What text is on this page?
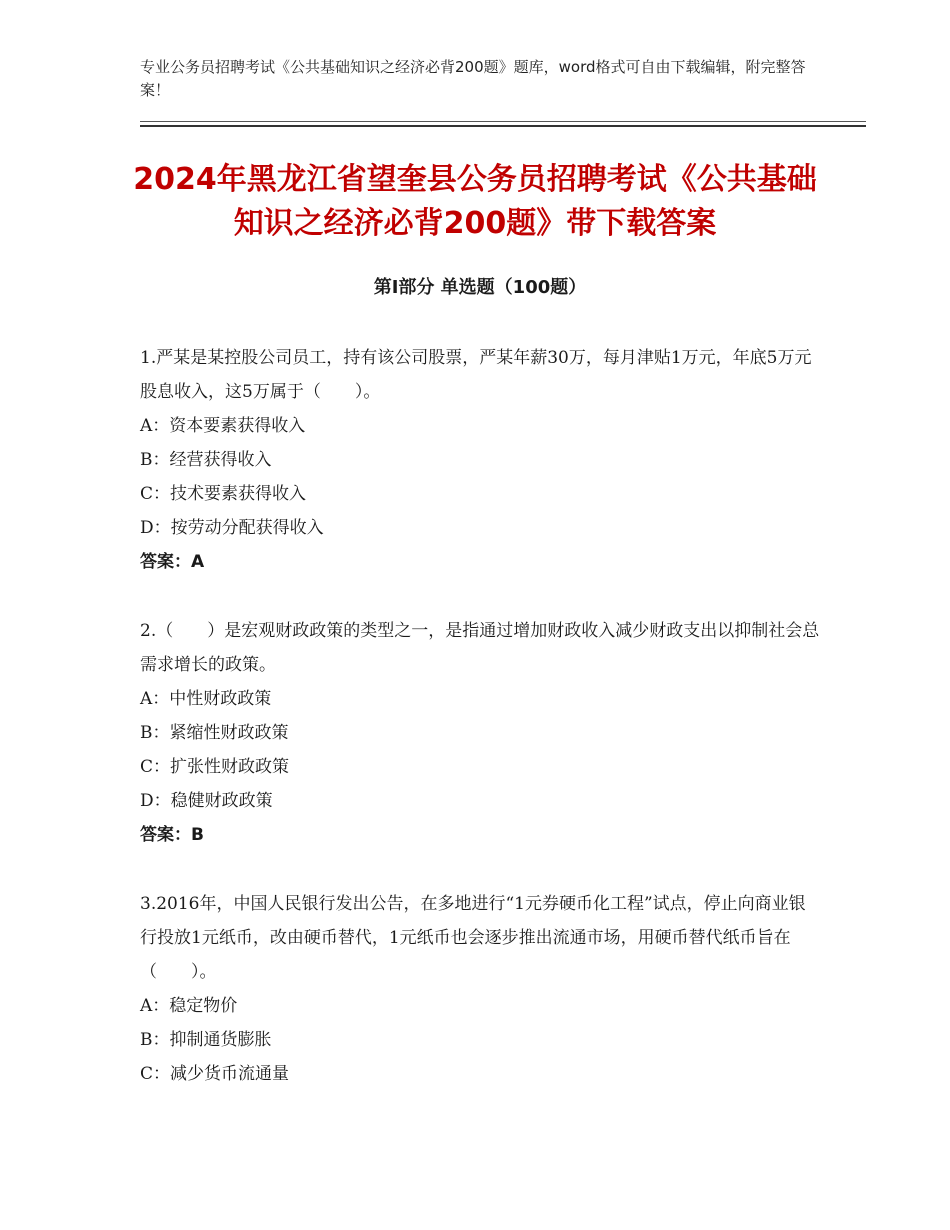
专业公务员招聘考试《公共基础知识之经济必背200题》题库，word格式可自由下载编辑，附完整答案！
2024年黑龙江省望奎县公务员招聘考试《公共基础知识之经济必背200题》带下载答案
第Ⅰ部分 单选题（100题）
1.严某是某控股公司员工，持有该公司股票，严某年薪30万，每月津贴1万元，年底5万元股息收入，这5万属于（　　）。
A：资本要素获得收入
B：经营获得收入
C：技术要素获得收入
D：按劳动分配获得收入
答案：A
2.（　　）是宏观财政政策的类型之一，是指通过增加财政收入减少财政支出以抑制社会总需求增长的政策。
A：中性财政政策
B：紧缩性财政政策
C：扩张性财政政策
D：稳健财政政策
答案：B
3.2016年，中国人民银行发出公告，在多地进行“1元券硬币化工程”试点，停止向商业银行投放1元纸币，改由硬币替代，1元纸币也会逐步推出流通市场，用硬币替代纸币旨在（　　）。
A：稳定物价
B：抑制通货膨胀
C：减少货币流通量
